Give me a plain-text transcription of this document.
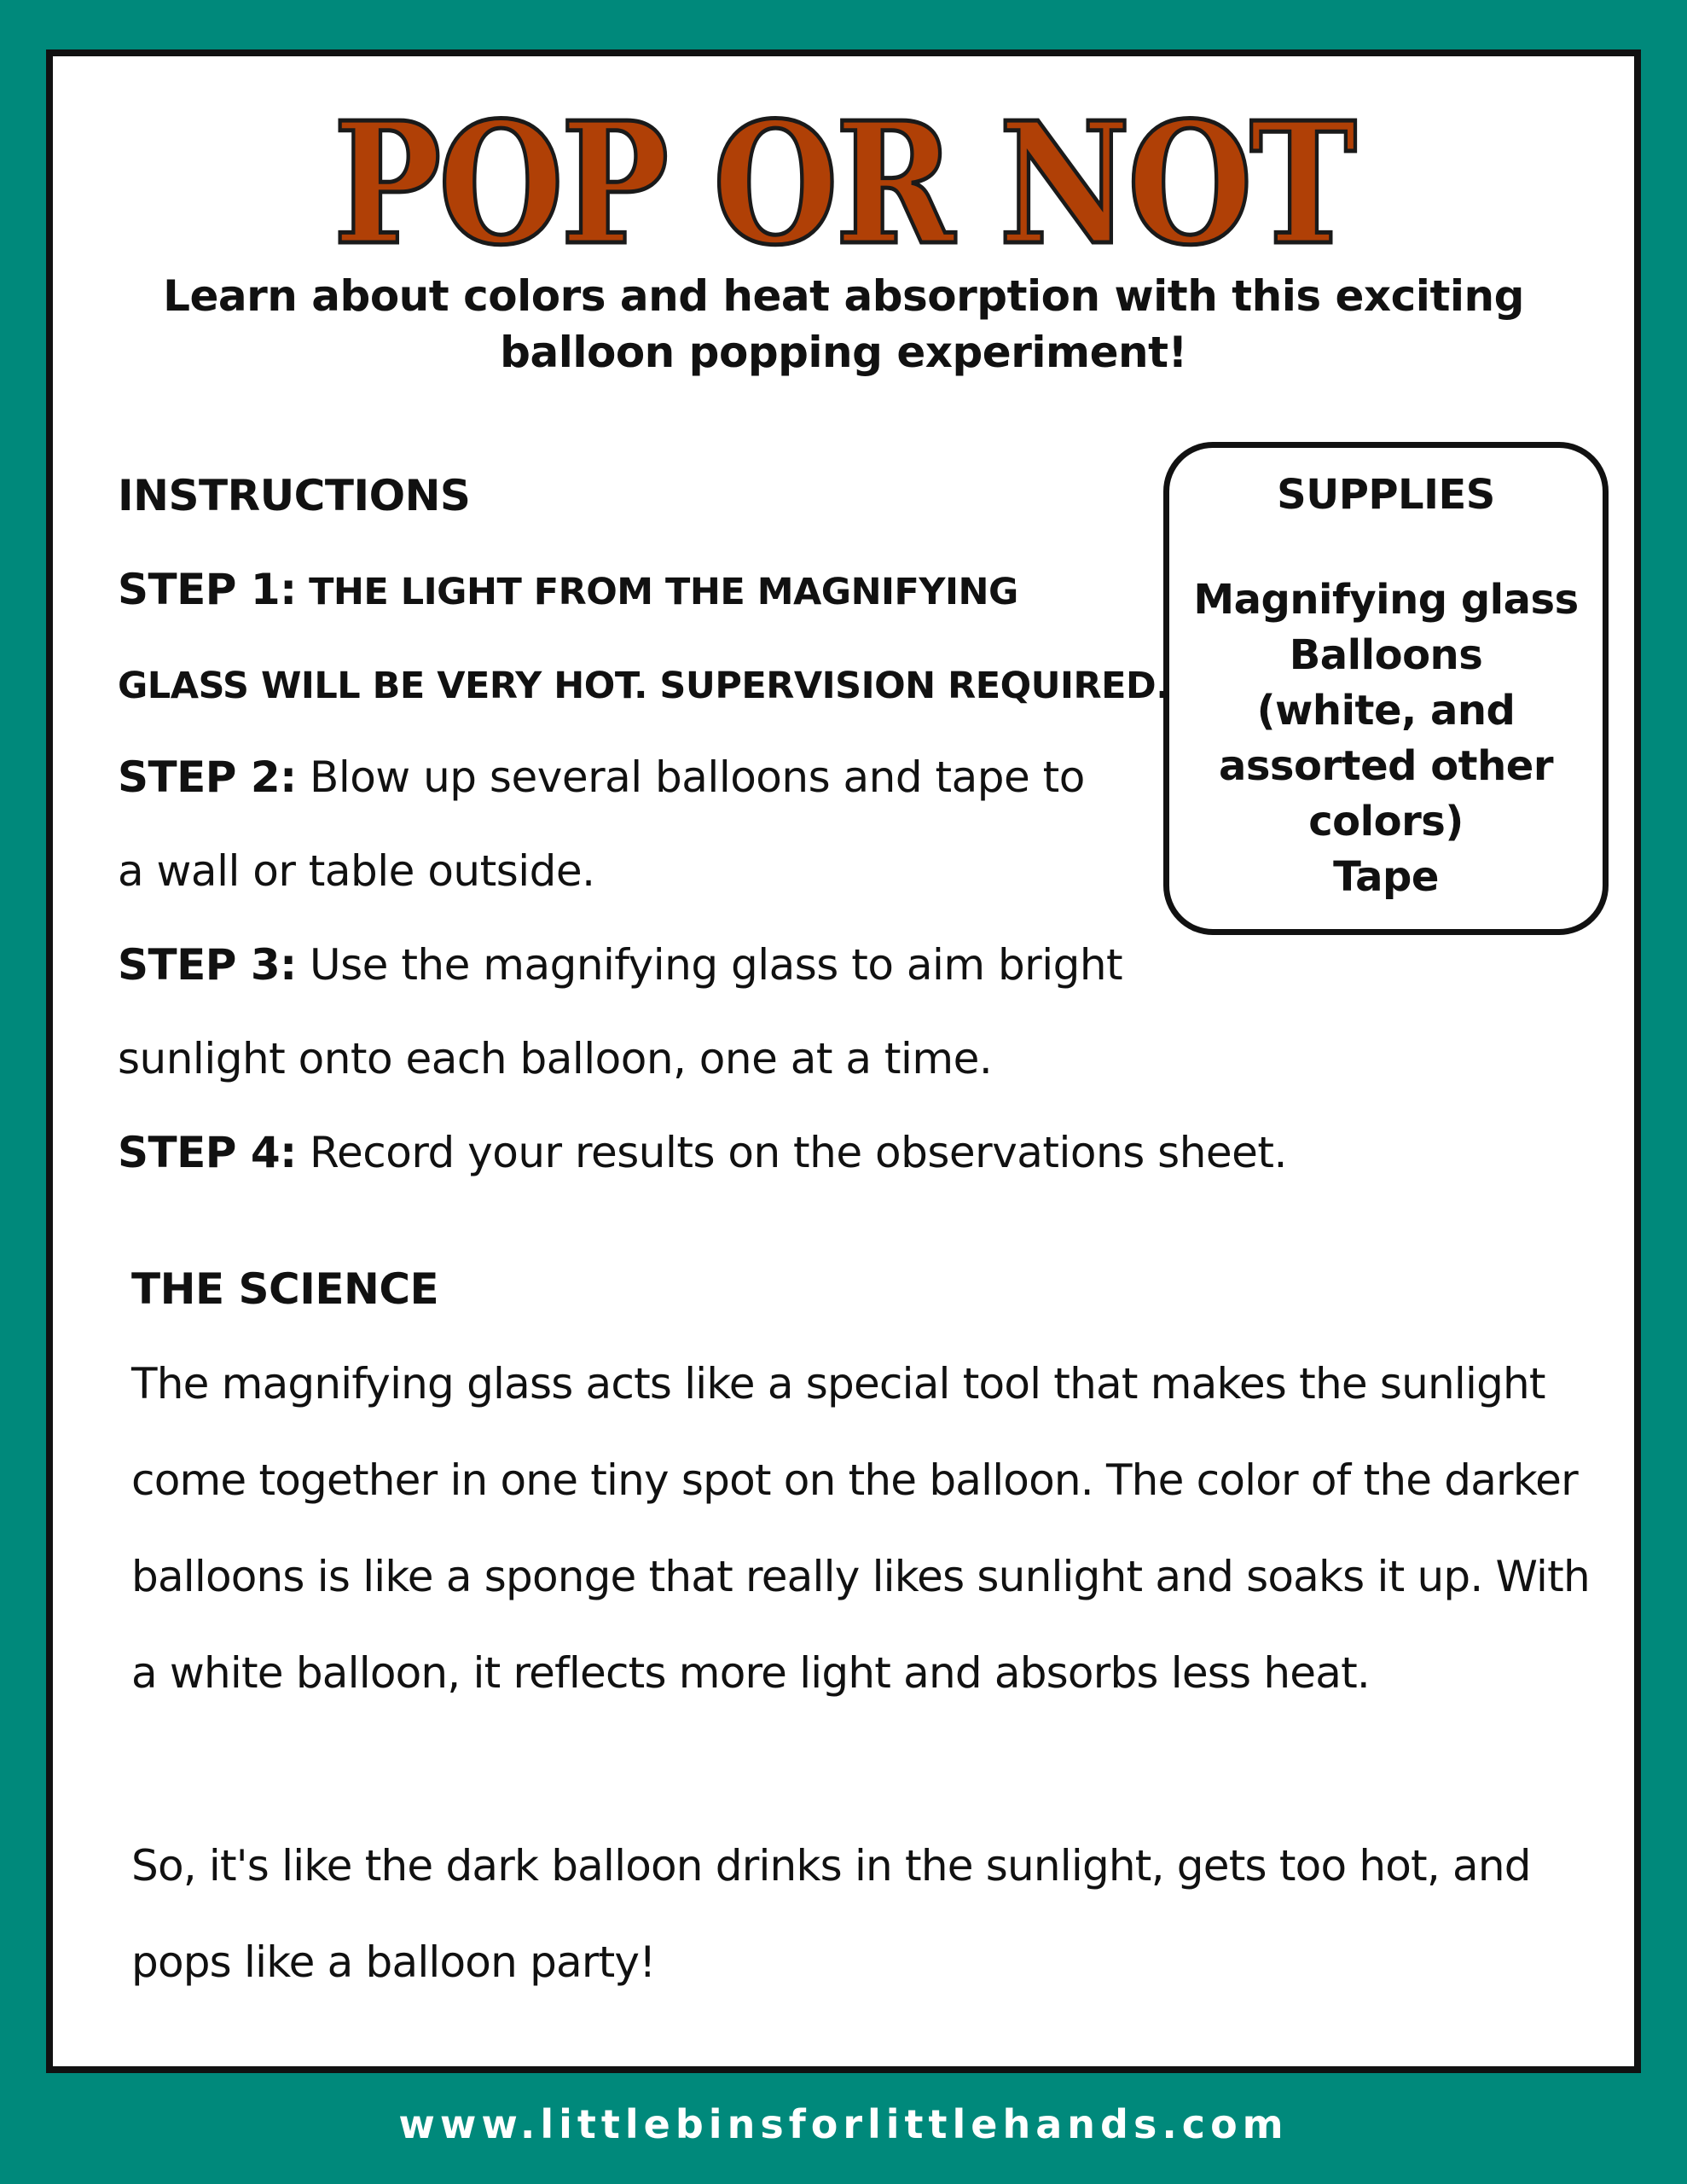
POP OR NOT
Learn about colors and heat absorption with this exciting
balloon popping experiment!
INSTRUCTIONS
STEP 1: THE LIGHT FROM THE MAGNIFYING
GLASS WILL BE VERY HOT. SUPERVISION REQUIRED.
STEP 2: Blow up several balloons and tape to
a wall or table outside.
STEP 3: Use the magnifying glass to aim bright
sunlight onto each balloon, one at a time.
STEP 4: Record your results on the observations sheet.
SUPPLIES
Magnifying glass
Balloons
(white, and
assorted other
colors)
Tape
THE SCIENCE
The magnifying glass acts like a special tool that makes the sunlight
come together in one tiny spot on the balloon. The color of the darker
balloons is like a sponge that really likes sunlight and soaks it up. With
a white balloon, it reflects more light and absorbs less heat.
So, it's like the dark balloon drinks in the sunlight, gets too hot, and
pops like a balloon party!
www.littlebinsforlittlehands.com
